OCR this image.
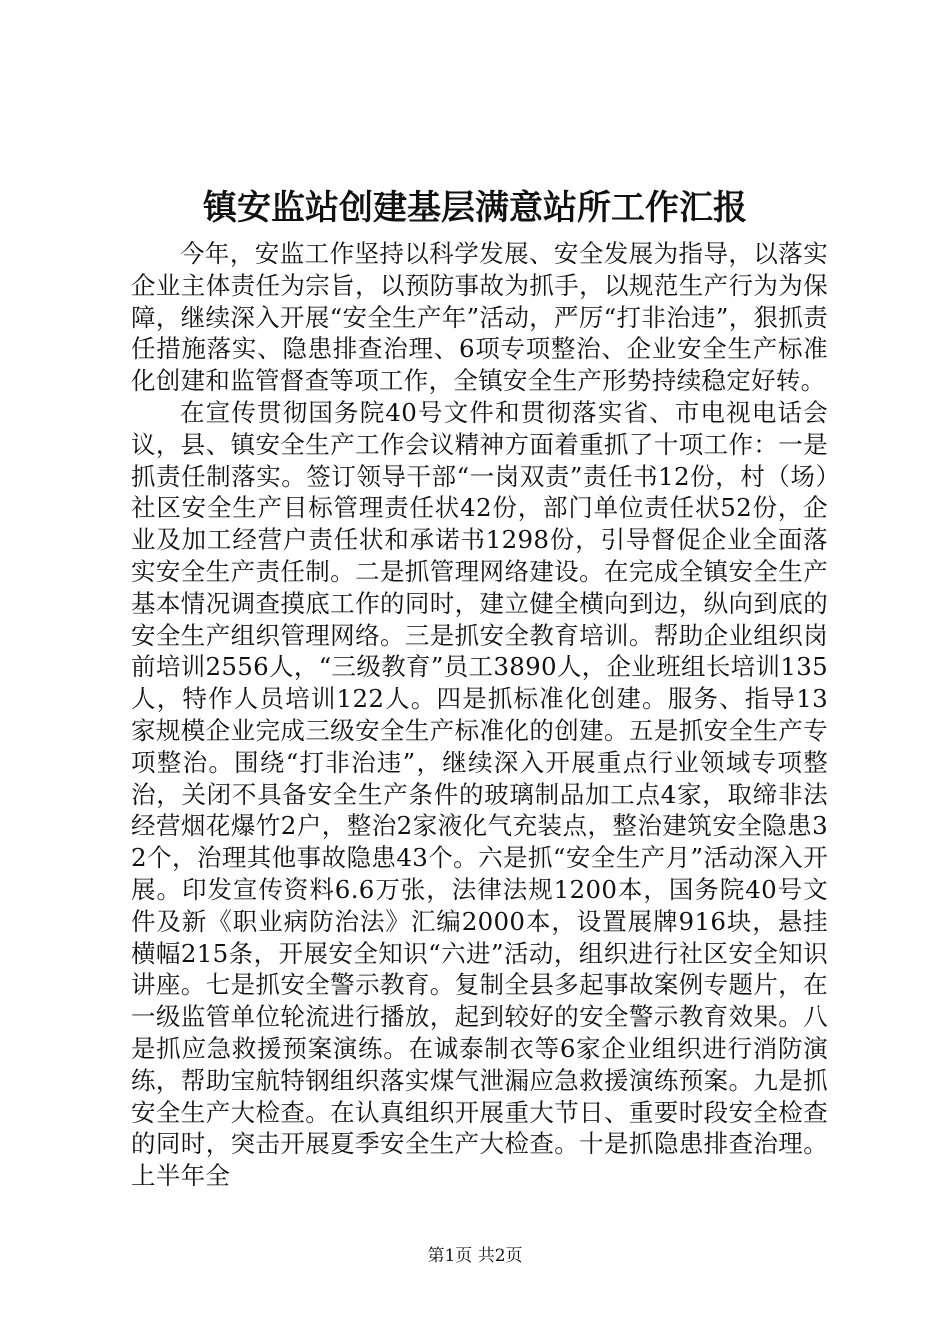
镇安监站创建基层满意站所工作汇报

今年，安监工作坚持以科学发展、安全发展为指导，以落实企业主体责任为宗旨，以预防事故为抓手，以规范生产行为为保障，继续深入开展“安全生产年”活动，严厉“打非治违”，狠抓责任措施落实、隐患排查治理、6项专项整治、企业安全生产标准化创建和监管督查等项工作，全镇安全生产形势持续稳定好转。

在宣传贯彻国务院40号文件和贯彻落实省、市电视电话会议，县、镇安全生产工作会议精神方面着重抓了十项工作：一是抓责任制落实。签订领导干部“一岗双责”责任书12份，村（场）社区安全生产目标管理责任状42份，部门单位责任状52份，企业及加工经营户责任状和承诺书1298份，引导督促企业全面落实安全生产责任制。二是抓管理网络建设。在完成全镇安全生产基本情况调查摸底工作的同时，建立健全横向到边，纵向到底的安全生产组织管理网络。三是抓安全教育培训。帮助企业组织岗前培训2556人，“三级教育”员工3890人，企业班组长培训135人，特作人员培训122人。四是抓标准化创建。服务、指导13家规模企业完成三级安全生产标准化的创建。五是抓安全生产专项整治。围绕“打非治违”，继续深入开展重点行业领域专项整治，关闭不具备安全生产条件的玻璃制品加工点4家，取缔非法经营烟花爆竹2户，整治2家液化气充装点，整治建筑安全隐患32个，治理其他事故隐患43个。六是抓“安全生产月”活动深入开展。印发宣传资料6.6万张，法律法规1200本，国务院40号文件及新《职业病防治法》汇编2000本，设置展牌916块，悬挂横幅215条，开展安全知识“六进”活动，组织进行社区安全知识讲座。七是抓安全警示教育。复制全县多起事故案例专题片，在一级监管单位轮流进行播放，起到较好的安全警示教育效果。八是抓应急救援预案演练。在诚泰制衣等6家企业组织进行消防演练，帮助宝航特钢组织落实煤气泄漏应急救援演练预案。九是抓安全生产大检查。在认真组织开展重大节日、重要时段安全检查的同时，突击开展夏季安全生产大检查。十是抓隐患排查治理。上半年全

第1页 共2页
